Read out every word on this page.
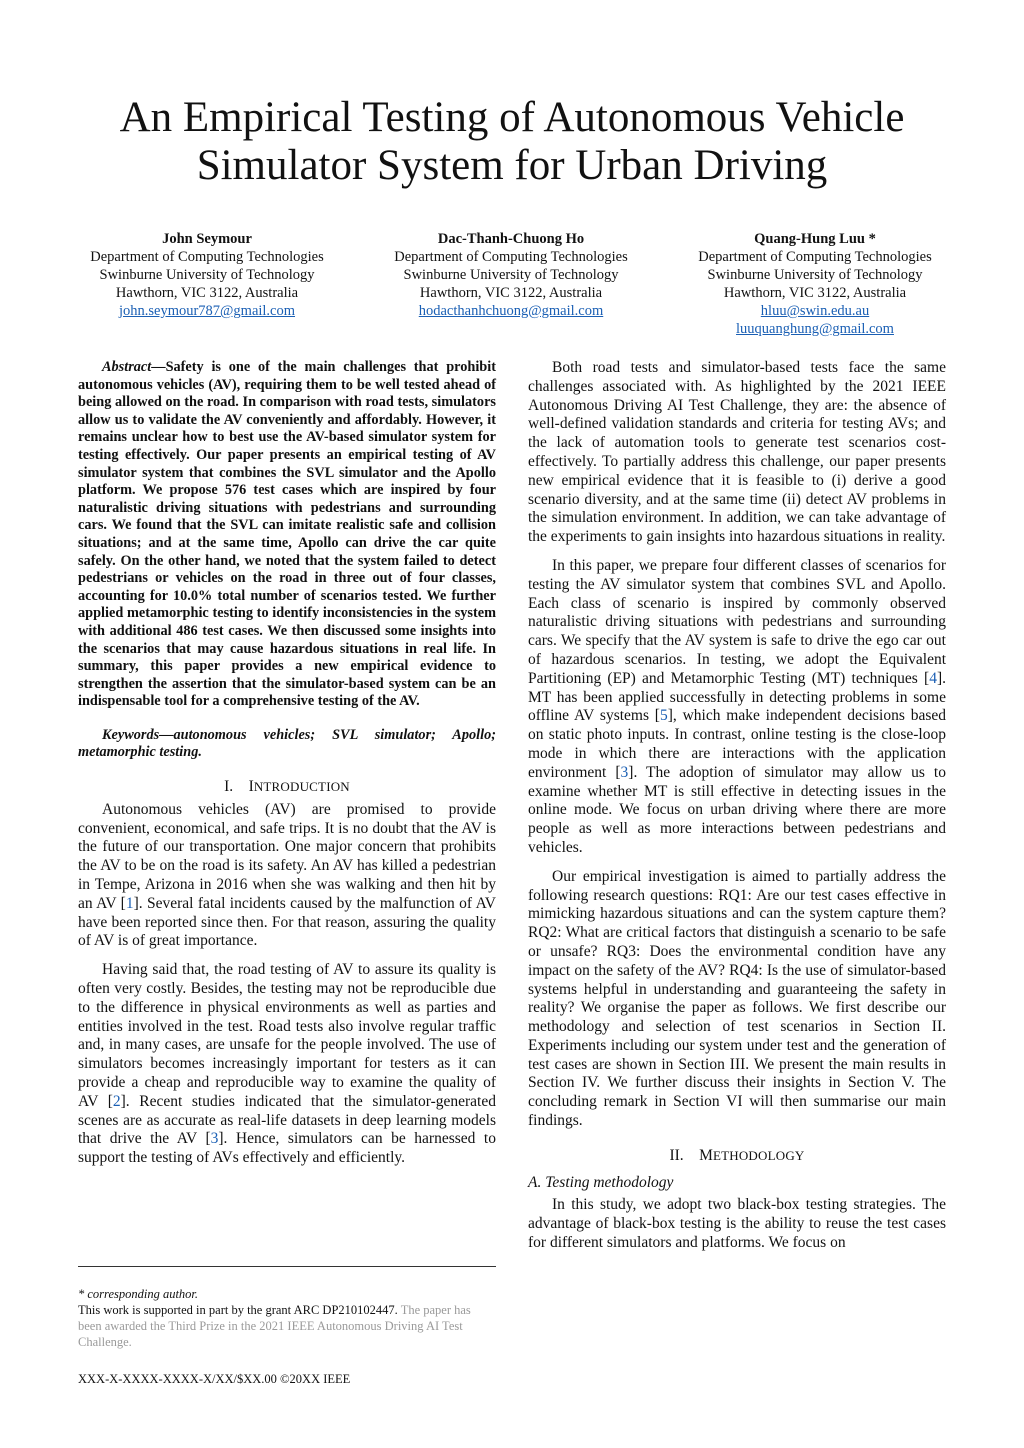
An Empirical Testing of Autonomous Vehicle
Simulator System for Urban Driving
John Seymour
Department of Computing Technologies
Swinburne University of Technology
Hawthorn, VIC 3122, Australia
john.seymour787@gmail.com
Dac-Thanh-Chuong Ho
Department of Computing Technologies
Swinburne University of Technology
Hawthorn, VIC 3122, Australia
hodacthanhchuong@gmail.com
Quang-Hung Luu *
Department of Computing Technologies
Swinburne University of Technology
Hawthorn, VIC 3122, Australia
hluu@swin.edu.au
luuquanghung@gmail.com

Abstract—Safety is one of the main challenges that prohibit autonomous vehicles (AV), requiring them to be well tested ahead of being allowed on the road. In comparison with road tests, simulators allow us to validate the AV conveniently and affordably. However, it remains unclear how to best use the AV-based simulator system for testing effectively. Our paper presents an empirical testing of AV simulator system that combines the SVL simulator and the Apollo platform. We propose 576 test cases which are inspired by four naturalistic driving situations with pedestrians and surrounding cars. We found that the SVL can imitate realistic safe and collision situations; and at the same time, Apollo can drive the car quite safely. On the other hand, we noted that the system failed to detect pedestrians or vehicles on the road in three out of four classes, accounting for 10.0% total number of scenarios tested. We further applied metamorphic testing to identify inconsistencies in the system with additional 486 test cases. We then discussed some insights into the scenarios that may cause hazardous situations in real life. In summary, this paper provides a new empirical evidence to strengthen the assertion that the simulator-based system can be an indispensable tool for a comprehensive testing of the AV.

Keywords—autonomous vehicles; SVL simulator; Apollo; metamorphic testing.

I. INTRODUCTION

Autonomous vehicles (AV) are promised to provide convenient, economical, and safe trips. It is no doubt that the AV is the future of our transportation. One major concern that prohibits the AV to be on the road is its safety. An AV has killed a pedestrian in Tempe, Arizona in 2016 when she was walking and then hit by an AV [1]. Several fatal incidents caused by the malfunction of AV have been reported since then. For that reason, assuring the quality of AV is of great importance.

Having said that, the road testing of AV to assure its quality is often very costly. Besides, the testing may not be reproducible due to the difference in physical environments as well as parties and entities involved in the test. Road tests also involve regular traffic and, in many cases, are unsafe for the people involved. The use of simulators becomes increasingly important for testers as it can provide a cheap and reproducible way to examine the quality of AV [2]. Recent studies indicated that the simulator-generated scenes are as accurate as real-life datasets in deep learning models that drive the AV [3]. Hence, simulators can be harnessed to support the testing of AVs effectively and efficiently.

Both road tests and simulator-based tests face the same challenges associated with. As highlighted by the 2021 IEEE Autonomous Driving AI Test Challenge, they are: the absence of well-defined validation standards and criteria for testing AVs; and the lack of automation tools to generate test scenarios cost-effectively. To partially address this challenge, our paper presents new empirical evidence that it is feasible to (i) derive a good scenario diversity, and at the same time (ii) detect AV problems in the simulation environment. In addition, we can take advantage of the experiments to gain insights into hazardous situations in reality.

In this paper, we prepare four different classes of scenarios for testing the AV simulator system that combines SVL and Apollo. Each class of scenario is inspired by commonly observed naturalistic driving situations with pedestrians and surrounding cars. We specify that the AV system is safe to drive the ego car out of hazardous scenarios. In testing, we adopt the Equivalent Partitioning (EP) and Metamorphic Testing (MT) techniques [4]. MT has been applied successfully in detecting problems in some offline AV systems [5], which make independent decisions based on static photo inputs. In contrast, online testing is the close-loop mode in which there are interactions with the application environment [3]. The adoption of simulator may allow us to examine whether MT is still effective in detecting issues in the online mode. We focus on urban driving where there are more people as well as more interactions between pedestrians and vehicles.

Our empirical investigation is aimed to partially address the following research questions: RQ1: Are our test cases effective in mimicking hazardous situations and can the system capture them? RQ2: What are critical factors that distinguish a scenario to be safe or unsafe? RQ3: Does the environmental condition have any impact on the safety of the AV? RQ4: Is the use of simulator-based systems helpful in understanding and guaranteeing the safety in reality? We organise the paper as follows. We first describe our methodology and selection of test scenarios in Section II. Experiments including our system under test and the generation of test cases are shown in Section III. We present the main results in Section IV. We further discuss their insights in Section V. The concluding remark in Section VI will then summarise our main findings.

II. METHODOLOGY
A. Testing methodology

In this study, we adopt two black-box testing strategies. The advantage of black-box testing is the ability to reuse the test cases for different simulators and platforms. We focus on

* corresponding author.
This work is supported in part by the grant ARC DP210102447. The paper has been awarded the Third Prize in the 2021 IEEE Autonomous Driving AI Test Challenge.
XXX-X-XXXX-XXXX-X/XX/$XX.00 ©20XX IEEE
